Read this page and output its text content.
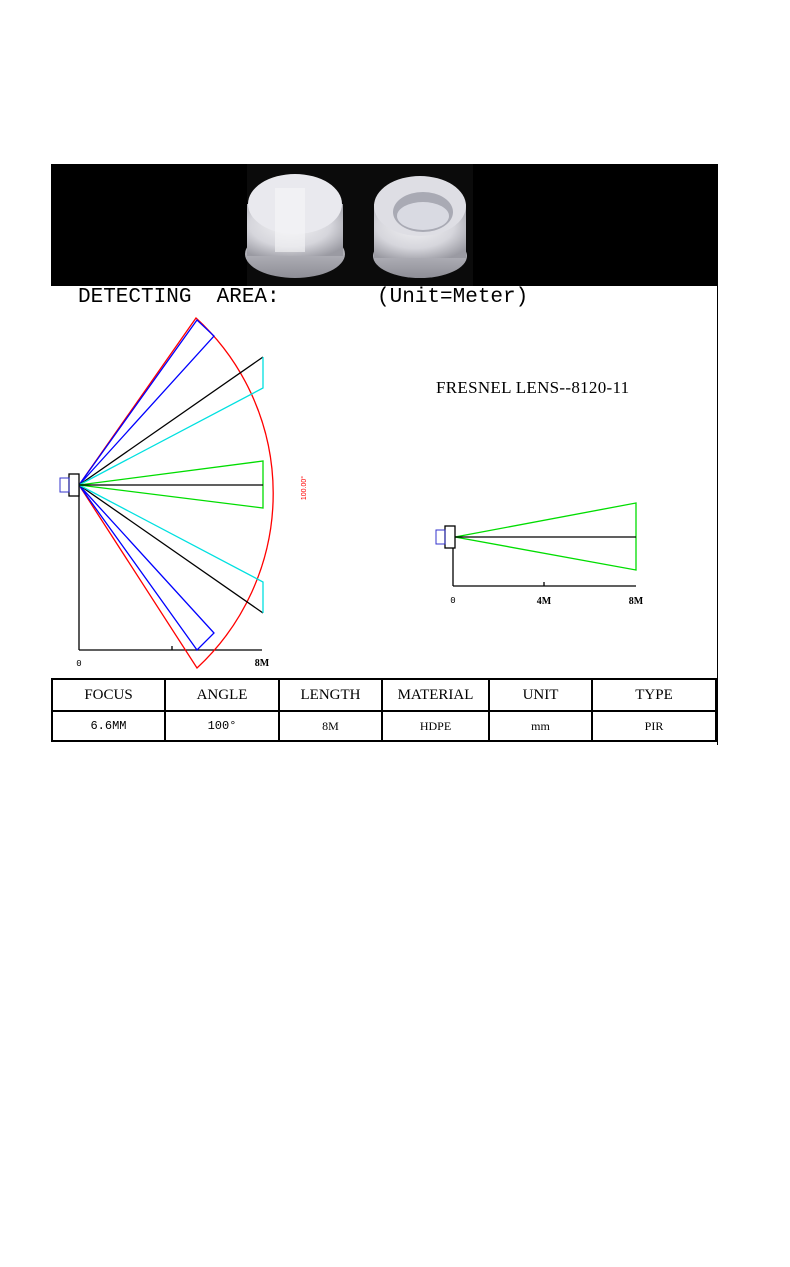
DETECTING  AREA:	(Unit=Meter)
FRESNEL LENS--8120-11
100.00°
0	8M
0	4M	8M
FOCUS	ANGLE	LENGTH	MATERIAL	UNIT	TYPE
6.6MM	100°	8M	HDPE	mm	PIR
